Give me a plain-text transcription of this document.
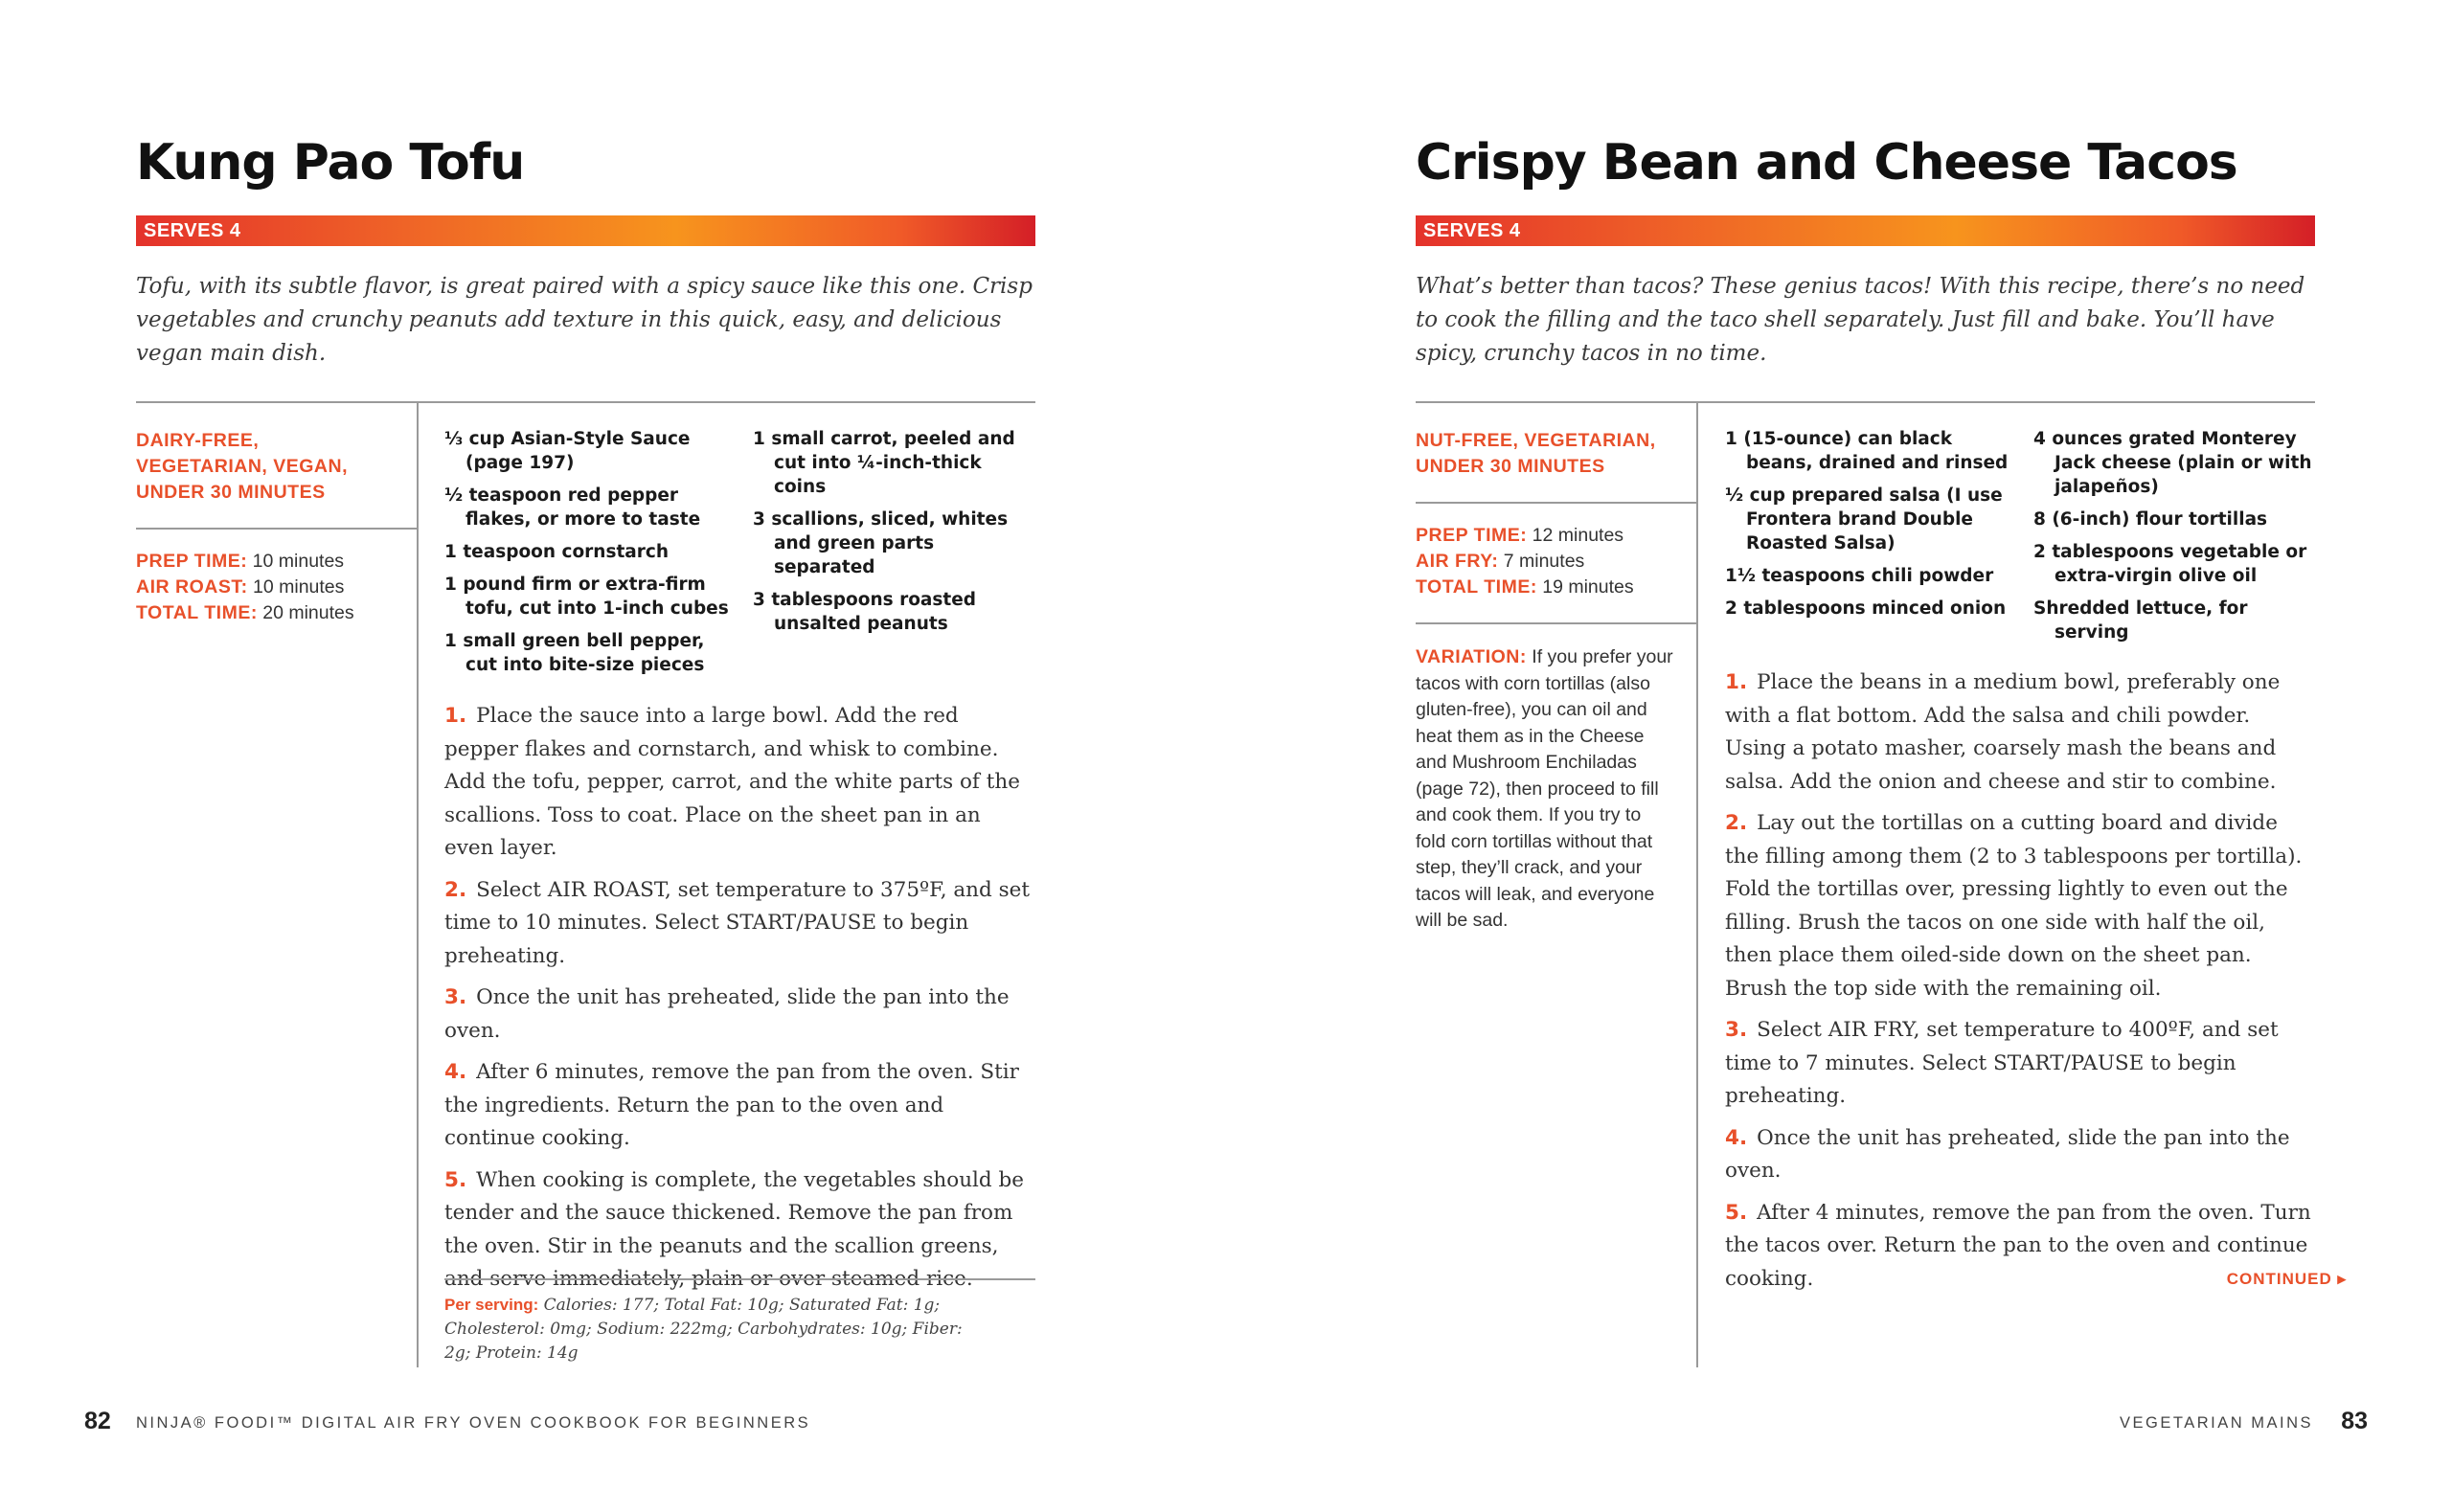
Kung Pao Tofu
SERVES 4

Tofu, with its subtle flavor, is great paired with a spicy sauce like this one. Crisp vegetables and crunchy peanuts add texture in this quick, easy, and delicious vegan main dish.

DAIRY-FREE, VEGETARIAN, VEGAN, UNDER 30 MINUTES

PREP TIME: 10 minutes
AIR ROAST: 10 minutes
TOTAL TIME: 20 minutes
⅓ cup Asian-Style Sauce (page 197)
½ teaspoon red pepper flakes, or more to taste
1 teaspoon cornstarch
1 pound firm or extra-firm tofu, cut into 1-inch cubes
1 small green bell pepper, cut into bite-size pieces
1 small carrot, peeled and cut into ¼-inch-thick coins
3 scallions, sliced, whites and green parts separated
3 tablespoons roasted unsalted peanuts
1. Place the sauce into a large bowl. Add the red pepper flakes and cornstarch, and whisk to combine. Add the tofu, pepper, carrot, and the white parts of the scallions. Toss to coat. Place on the sheet pan in an even layer.
2. Select AIR ROAST, set temperature to 375ºF, and set time to 10 minutes. Select START/PAUSE to begin preheating.
3. Once the unit has preheated, slide the pan into the oven.
4. After 6 minutes, remove the pan from the oven. Stir the ingredients. Return the pan to the oven and continue cooking.
5. When cooking is complete, the vegetables should be tender and the sauce thickened. Remove the pan from the oven. Stir in the peanuts and the scallion greens, and serve immediately, plain or over steamed rice.

Per serving: Calories: 177; Total Fat: 10g; Saturated Fat: 1g; Cholesterol: 0mg; Sodium: 222mg; Carbohydrates: 10g; Fiber: 2g; Protein: 14g

82 NINJA® FOODI™ DIGITAL AIR FRY OVEN COOKBOOK FOR BEGINNERS

Crispy Bean and Cheese Tacos
SERVES 4

What’s better than tacos? These genius tacos! With this recipe, there’s no need to cook the filling and the taco shell separately. Just fill and bake. You’ll have spicy, crunchy tacos in no time.

NUT-FREE, VEGETARIAN, UNDER 30 MINUTES

PREP TIME: 12 minutes
AIR FRY: 7 minutes
TOTAL TIME: 19 minutes

VARIATION: If you prefer your tacos with corn tortillas (also gluten-free), you can oil and heat them as in the Cheese and Mushroom Enchiladas (page 72), then proceed to fill and cook them. If you try to fold corn tortillas without that step, they’ll crack, and your tacos will leak, and everyone will be sad.

1 (15-ounce) can black beans, drained and rinsed
½ cup prepared salsa (I use Frontera brand Double Roasted Salsa)
1½ teaspoons chili powder
2 tablespoons minced onion
4 ounces grated Monterey Jack cheese (plain or with jalapeños)
8 (6-inch) flour tortillas
2 tablespoons vegetable or extra-virgin olive oil
Shredded lettuce, for serving
1. Place the beans in a medium bowl, preferably one with a flat bottom. Add the salsa and chili powder. Using a potato masher, coarsely mash the beans and salsa. Add the onion and cheese and stir to combine.
2. Lay out the tortillas on a cutting board and divide the filling among them (2 to 3 tablespoons per tortilla). Fold the tortillas over, pressing lightly to even out the filling. Brush the tacos on one side with half the oil, then place them oiled-side down on the sheet pan. Brush the top side with the remaining oil.
3. Select AIR FRY, set temperature to 400ºF, and set time to 7 minutes. Select START/PAUSE to begin preheating.
4. Once the unit has preheated, slide the pan into the oven.
5. After 4 minutes, remove the pan from the oven. Turn the tacos over. Return the pan to the oven and continue cooking.	CONTINUED ▸

VEGETARIAN MAINS 83
